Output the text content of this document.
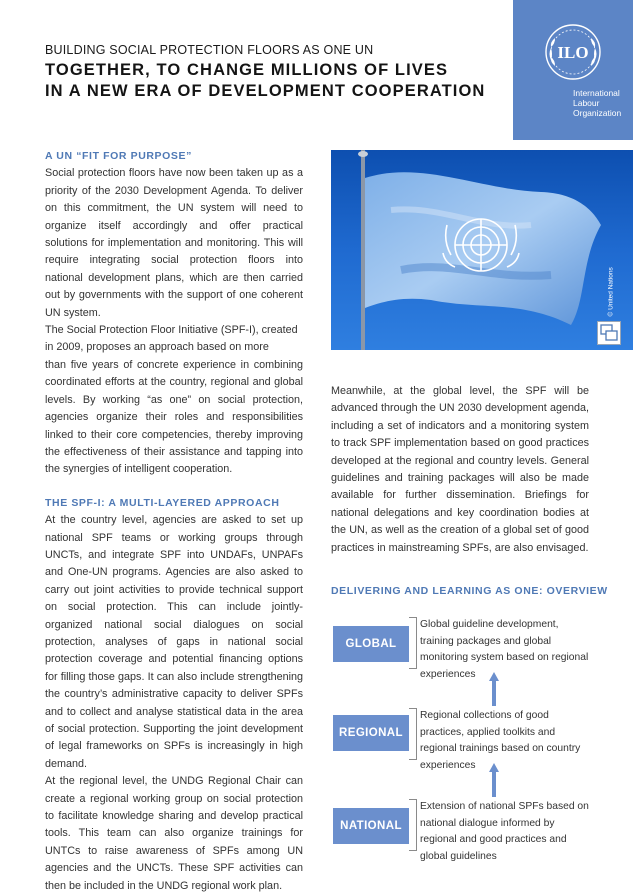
BUILDING SOCIAL PROTECTION FLOORS AS ONE UN
TOGETHER, TO CHANGE MILLIONS OF LIVES
IN A NEW ERA OF DEVELOPMENT COOPERATION
ILO
International
Labour
Organization
© United Nations
A UN “FIT FOR PURPOSE”

Social protection floors have now been taken up as a priority of the 2030 Development Agenda. To deliver on this commitment, the UN system will need to organize itself accordingly and offer practical solutions for implementation and monitoring. This will require integrating social protection floors into national development plans, which are then carried out by governments with the support of one coherent UN system.

The Social Protection Floor Initiative (SPF-I), created in 2009, proposes an approach based on more

than five years of concrete experience in combining coordinated efforts at the country, regional and global levels. By working “as one” on social protection, agencies organize their roles and responsibilities linked to their core competencies, thereby improving the effectiveness of their assistance and tapping into the synergies of intelligent cooperation.

THE SPF-I: A MULTI-LAYERED APPROACH

At the country level, agencies are asked to set up national SPF teams or working groups through UNCTs, and integrate SPF into UNDAFs, UNPAFs and One-UN programs. Agencies are also asked to carry out joint activities to provide technical support on social protection. This can include jointly-organized national social dialogues on social protection, analyses of gaps in national social protection coverage and potential financing options for filling those gaps. It can also include strengthening the country’s administrative capacity to deliver SPFs and to collect and analyse statistical data in the area of social protection. Supporting the joint development of legal frameworks on SPFs is increasingly in high demand.

At the regional level, the UNDG Regional Chair can create a regional working group on social protection to facilitate knowledge sharing and develop practical tools. This team can also organize trainings for UNTCs to raise awareness of SPFs among UN agencies and the UNCTs. These SPF activities can then be included in the UNDG regional work plan.

Meanwhile, at the global level, the SPF will be advanced through the UN 2030 development agenda, including a set of indicators and a monitoring system to track SPF implementation based on good practices developed at the regional and country levels. General guidelines and training packages will also be made available for further dissemination. Briefings for national delegations and key coordination bodies at the UN, as well as the creation of a global set of good practices in mainstreaming SPFs, are also envisaged.

DELIVERING AND LEARNING AS ONE: OVERVIEW
GLOBAL
Global guideline development, training packages and global monitoring system based on regional experiences
REGIONAL
Regional collections of good practices, applied toolkits and regional trainings based on country experiences
NATIONAL
Extension of national SPFs based on national dialogue informed by regional and good practices and global guidelines
